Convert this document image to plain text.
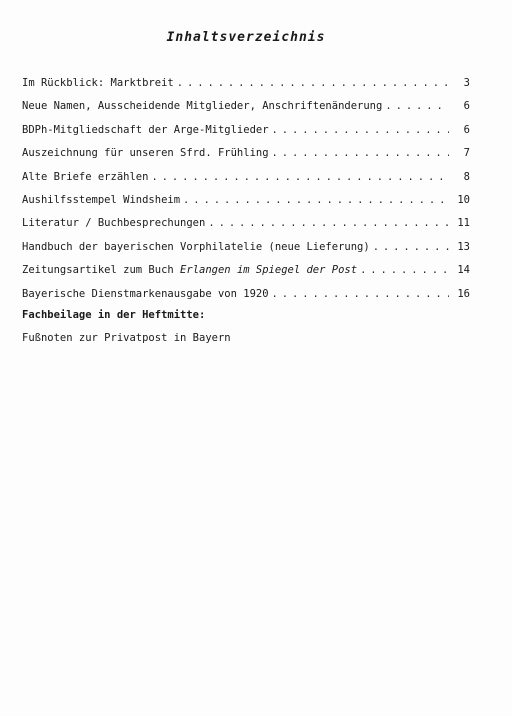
Inhaltsverzeichnis
Im Rückblick: Marktbreit . . .	3
Neue Namen, Ausscheidende Mitglieder, Anschriftenänderung . . .	6
BDPh-Mitgliedschaft der Arge-Mitglieder . . .	6
Auszeichnung für unseren Sfrd. Frühling . . .	7
Alte Briefe erzählen . . .	8
Aushilfsstempel Windsheim . . .	10
Literatur / Buchbesprechungen . . .	11
Handbuch der bayerischen Vorphilatelie (neue Lieferung) . . .	13
Zeitungsartikel zum Buch Erlangen im Spiegel der Post . . .	14
Bayerische Dienstmarkenausgabe von 1920 . . .	16
Fachbeilage in der Heftmitte:
Fußnoten zur Privatpost in Bayern
